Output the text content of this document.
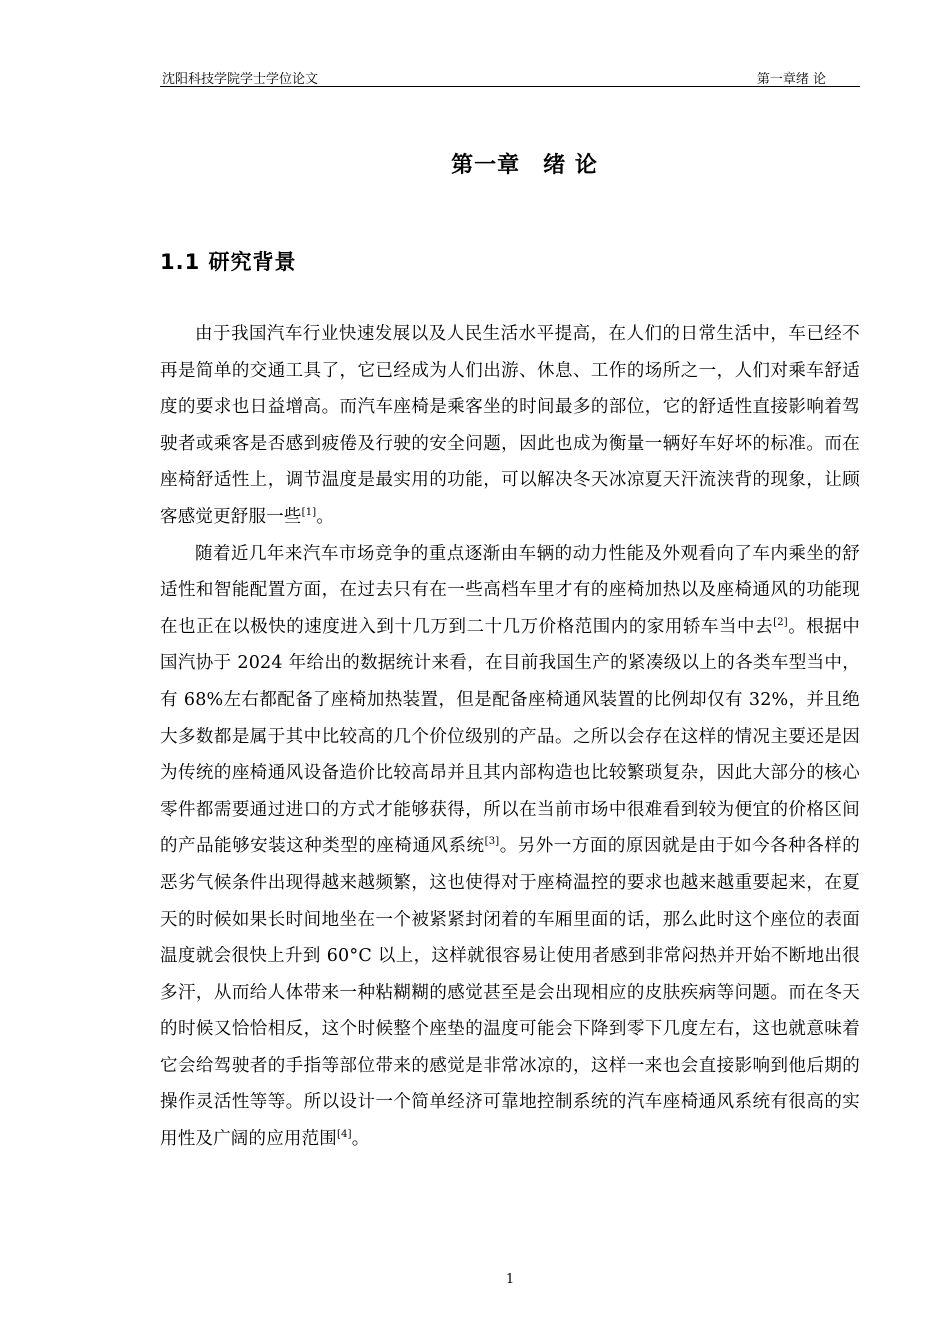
沈阳科技学院学士学位论文	第一章绪 论
第一章　绪 论
1.1 研究背景

由于我国汽车行业快速发展以及人民生活水平提高，在人们的日常生活中，车已经不再是简单的交通工具了，它已经成为人们出游、休息、工作的场所之一，人们对乘车舒适度的要求也日益增高。而汽车座椅是乘客坐的时间最多的部位，它的舒适性直接影响着驾驶者或乘客是否感到疲倦及行驶的安全问题，因此也成为衡量一辆好车好坏的标准。而在座椅舒适性上，调节温度是最实用的功能，可以解决冬天冰凉夏天汗流浃背的现象，让顾客感觉更舒服一些[1]。

随着近几年来汽车市场竞争的重点逐渐由车辆的动力性能及外观看向了车内乘坐的舒适性和智能配置方面，在过去只有在一些高档车里才有的座椅加热以及座椅通风的功能现在也正在以极快的速度进入到十几万到二十几万价格范围内的家用轿车当中去[2]。根据中国汽协于 2024 年给出的数据统计来看，在目前我国生产的紧凑级以上的各类车型当中，有 68%左右都配备了座椅加热装置，但是配备座椅通风装置的比例却仅有 32%，并且绝大多数都是属于其中比较高的几个价位级别的产品。之所以会存在这样的情况主要还是因为传统的座椅通风设备造价比较高昂并且其内部构造也比较繁琐复杂，因此大部分的核心零件都需要通过进口的方式才能够获得，所以在当前市场中很难看到较为便宜的价格区间的产品能够安装这种类型的座椅通风系统[3]。另外一方面的原因就是由于如今各种各样的恶劣气候条件出现得越来越频繁，这也使得对于座椅温控的要求也越来越重要起来，在夏天的时候如果长时间地坐在一个被紧紧封闭着的车厢里面的话，那么此时这个座位的表面温度就会很快上升到 60°C 以上，这样就很容易让使用者感到非常闷热并开始不断地出很多汗，从而给人体带来一种粘糊糊的感觉甚至是会出现相应的皮肤疾病等问题。而在冬天的时候又恰恰相反，这个时候整个座垫的温度可能会下降到零下几度左右，这也就意味着它会给驾驶者的手指等部位带来的感觉是非常冰凉的，这样一来也会直接影响到他后期的操作灵活性等等。所以设计一个简单经济可靠地控制系统的汽车座椅通风系统有很高的实用性及广阔的应用范围[4]。

1
